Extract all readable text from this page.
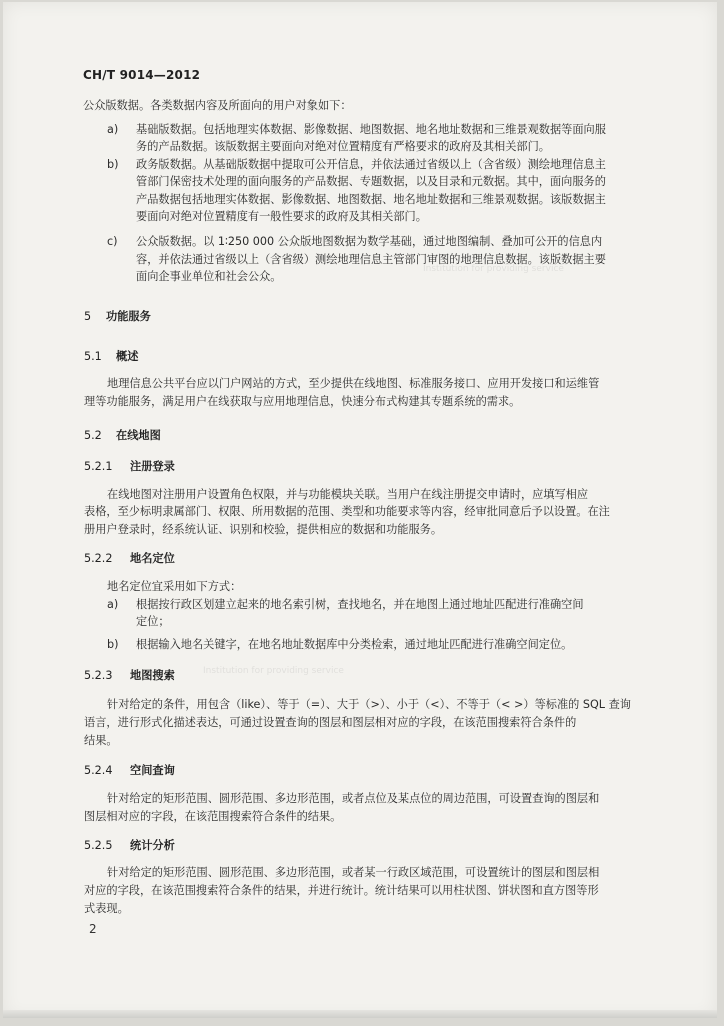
Institution for providing service
Institution for providing service
CH/T 9014—2012
公众版数据。各类数据内容及所面向的用户对象如下：
a) 基础版数据。包括地理实体数据、影像数据、地图数据、地名地址数据和三维景观数据等面向服
务的产品数据。该版数据主要面向对绝对位置精度有严格要求的政府及其相关部门。
b) 政务版数据。从基础版数据中提取可公开信息，并依法通过省级以上（含省级）测绘地理信息主
管部门保密技术处理的面向服务的产品数据、专题数据，以及目录和元数据。其中，面向服务的
产品数据包括地理实体数据、影像数据、地图数据、地名地址数据和三维景观数据。该版数据主
要面向对绝对位置精度有一般性要求的政府及其相关部门。
c) 公众版数据。以 1∶250 000 公众版地图数据为数学基础，通过地图编制、叠加可公开的信息内
容，并依法通过省级以上（含省级）测绘地理信息主管部门审图的地理信息数据。该版数据主要
面向企事业单位和社会公众。
5 功能服务
5.1 概述
地理信息公共平台应以门户网站的方式，至少提供在线地图、标准服务接口、应用开发接口和运维管
理等功能服务，满足用户在线获取与应用地理信息，快速分布式构建其专题系统的需求。
5.2 在线地图
5.2.1 注册登录
在线地图对注册用户设置角色权限，并与功能模块关联。当用户在线注册提交申请时，应填写相应
表格，至少标明隶属部门、权限、所用数据的范围、类型和功能要求等内容，经审批同意后予以设置。在注
册用户登录时，经系统认证、识别和校验，提供相应的数据和功能服务。
5.2.2 地名定位
地名定位宜采用如下方式：
a) 根据按行政区划建立起来的地名索引树，查找地名，并在地图上通过地址匹配进行准确空间
定位；
b) 根据输入地名关键字，在地名地址数据库中分类检索，通过地址匹配进行准确空间定位。
5.2.3 地图搜索
针对给定的条件，用包含（like）、等于（=）、大于（>）、小于（<）、不等于（< >）等标准的 SQL 查询
语言，进行形式化描述表达，可通过设置查询的图层和图层相对应的字段，在该范围搜索符合条件的
结果。
5.2.4 空间查询
针对给定的矩形范围、圆形范围、多边形范围，或者点位及某点位的周边范围，可设置查询的图层和
图层相对应的字段，在该范围搜索符合条件的结果。
5.2.5 统计分析
针对给定的矩形范围、圆形范围、多边形范围，或者某一行政区域范围，可设置统计的图层和图层相
对应的字段，在该范围搜索符合条件的结果，并进行统计。统计结果可以用柱状图、饼状图和直方图等形
式表现。
2
